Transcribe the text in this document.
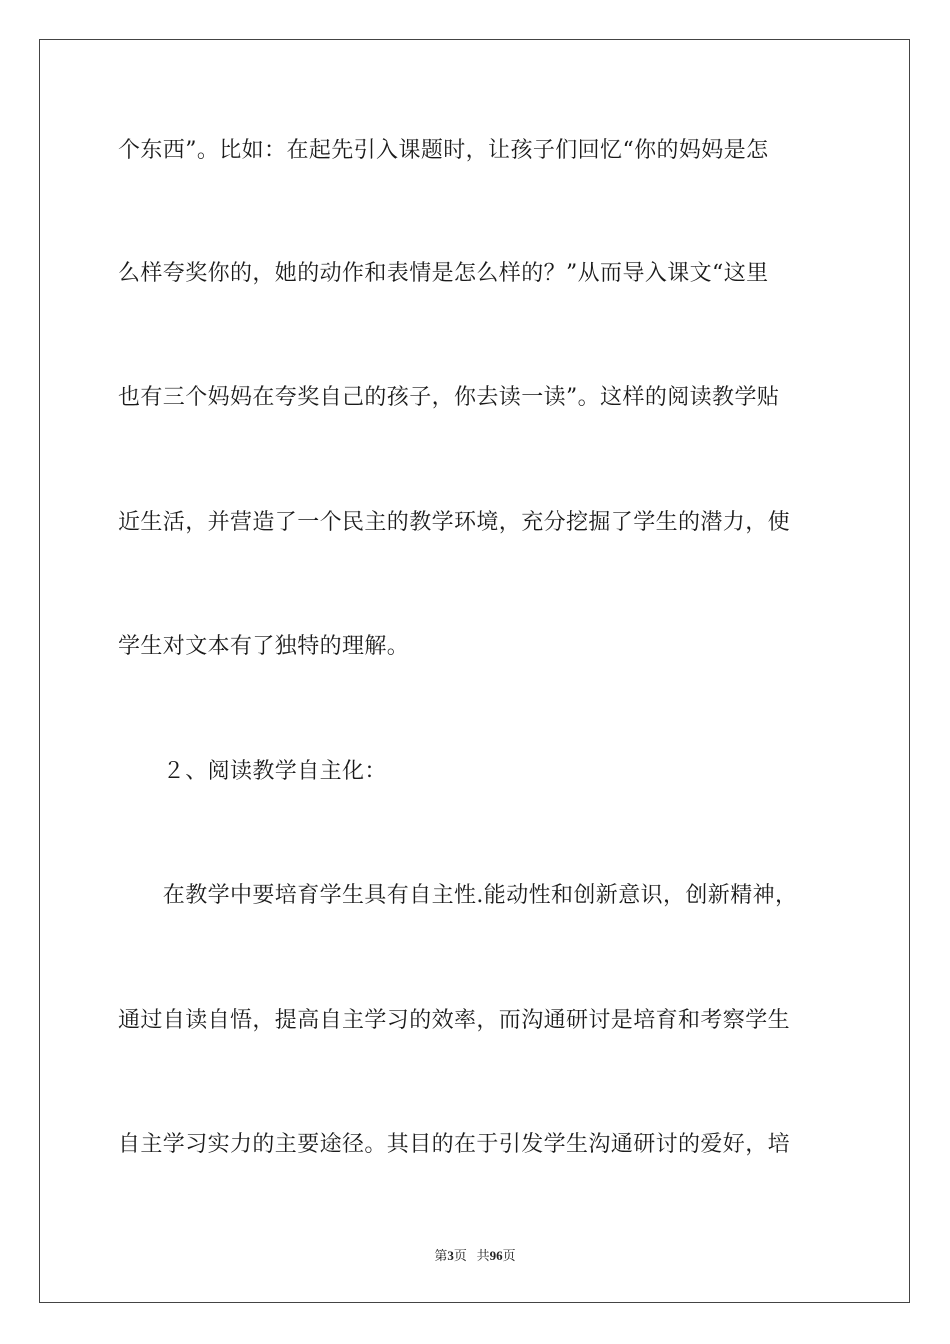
个东西”。比如：在起先引入课题时，让孩子们回忆“你的妈妈是怎
么样夸奖你的，她的动作和表情是怎么样的？”从而导入课文“这里
也有三个妈妈在夸奖自己的孩子，你去读一读”。这样的阅读教学贴
近生活，并营造了一个民主的教学环境，充分挖掘了学生的潜力，使
学生对文本有了独特的理解。
　　２、阅读教学自主化：
　　在教学中要培育学生具有自主性.能动性和创新意识，创新精神，
通过自读自悟，提高自主学习的效率，而沟通研讨是培育和考察学生
自主学习实力的主要途径。其目的在于引发学生沟通研讨的爱好，培
第3页 共96页
